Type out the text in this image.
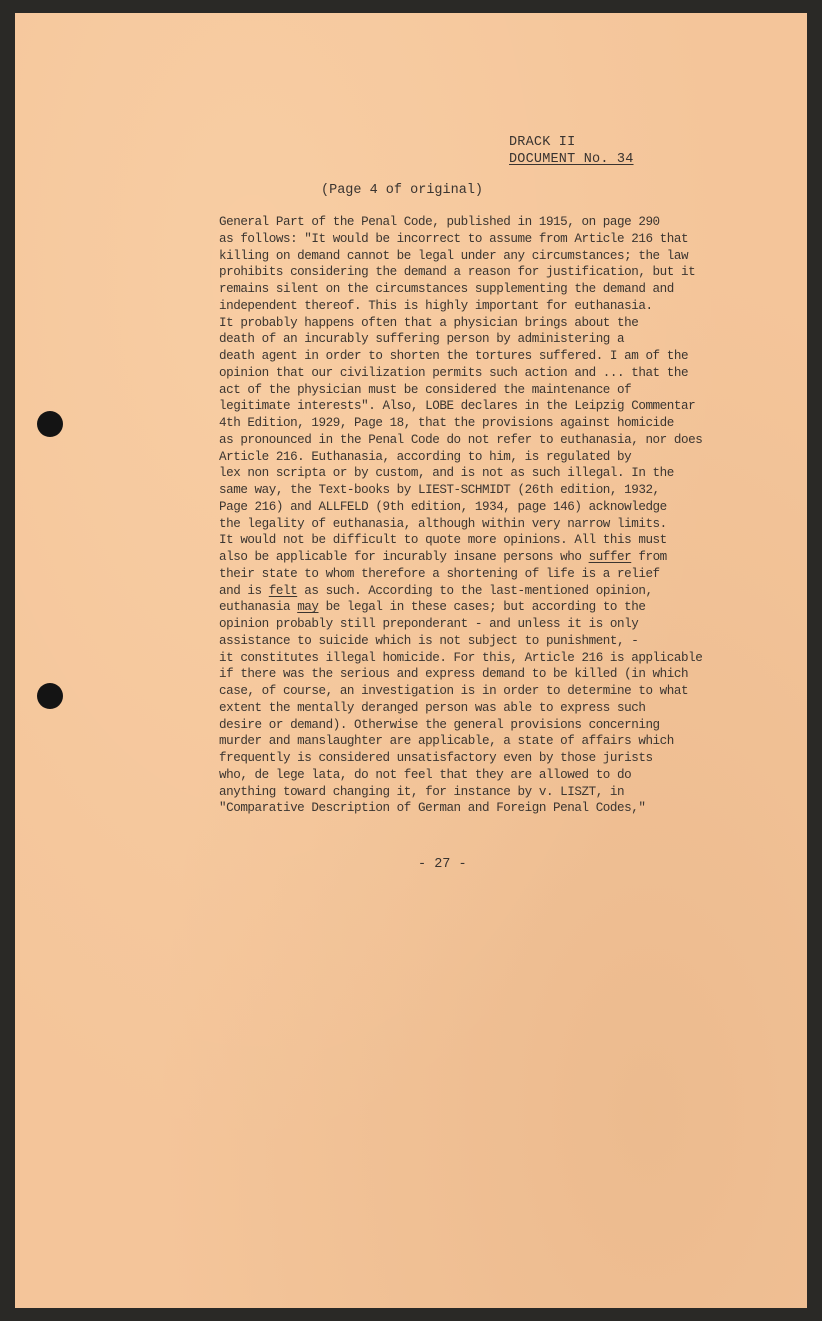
DRACK II
DOCUMENT No. 34
(Page 4 of original)
General Part of the Penal Code, published in 1915, on page 290
as follows: "It would be incorrect to assume from Article 216 that
killing on demand cannot be legal under any circumstances; the law
prohibits considering the demand a reason for justification, but it
remains silent on the circumstances supplementing the demand and
independent thereof. This is highly important for euthanasia.
It probably happens often that a physician brings about the
death of an incurably suffering person by administering a
death agent in order to shorten the tortures suffered. I am of the
opinion that our civilization permits such action and ... that the
act of the physician must be considered the maintenance of
legitimate interests". Also, LOBE declares in the Leipzig Commentar
4th Edition, 1929, Page 18, that the provisions against homicide
as pronounced in the Penal Code do not refer to euthanasia, nor does
Article 216. Euthanasia, according to him, is regulated by
lex non scripta or by custom, and is not as such illegal. In the
same way, the Text-books by LIEST-SCHMIDT (26th edition, 1932,
Page 216) and ALLFELD (9th edition, 1934, page 146) acknowledge
the legality of euthanasia, although within very narrow limits.
It would not be difficult to quote more opinions. All this must
also be applicable for incurably insane persons who suffer from
their state to whom therefore a shortening of life is a relief
and is felt as such. According to the last-mentioned opinion,
euthanasia may be legal in these cases; but according to the
opinion probably still preponderant - and unless it is only
assistance to suicide which is not subject to punishment, -
it constitutes illegal homicide. For this, Article 216 is applicable
if there was the serious and express demand to be killed (in which
case, of course, an investigation is in order to determine to what
extent the mentally deranged person was able to express such
desire or demand). Otherwise the general provisions concerning
murder and manslaughter are applicable, a state of affairs which
frequently is considered unsatisfactory even by those jurists
who, de lege lata, do not feel that they are allowed to do
anything toward changing it, for instance by v. LISZT, in
"Comparative Description of German and Foreign Penal Codes,"
- 27 -
